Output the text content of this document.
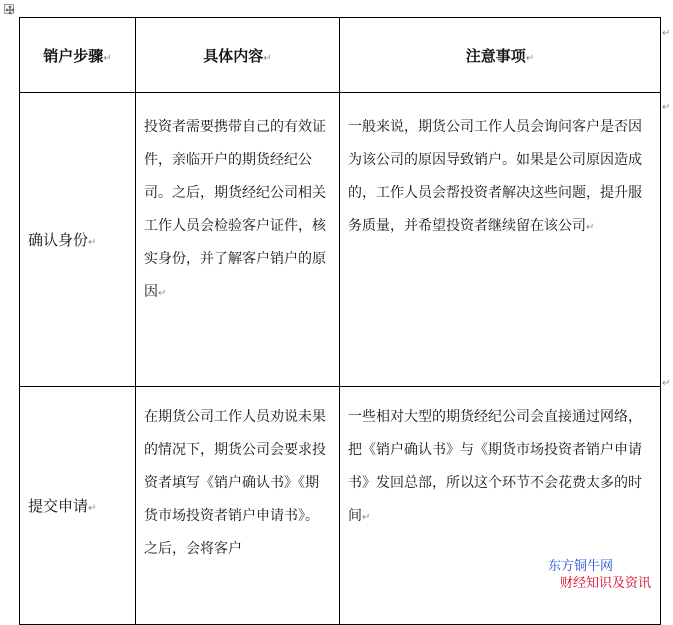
销户步骤↵	具体内容↵	注意事项↵
确认身份↵	投资者需要携带自己的有效证件，亲临开户的期货经纪公司。之后，期货经纪公司相关工作人员会检验客户证件，核实身份，并了解客户销户的原因↵	一般来说，期货公司工作人员会询问客户是否因为该公司的原因导致销户。如果是公司原因造成的，工作人员会帮投资者解决这些问题，提升服务质量，并希望投资者继续留在该公司↵
提交申请↵	在期货公司工作人员劝说未果的情况下，期货公司会要求投资者填写《销户确认书》《期货市场投资者销户申请书》。之后，会将客户	一些相对大型的期货经纪公司会直接通过网络，把《销户确认书》与《期货市场投资者销户申请书》发回总部，所以这个环节不会花费太多的时间↵
↵
↵
↵
东方铜牛网
财经知识及资讯
